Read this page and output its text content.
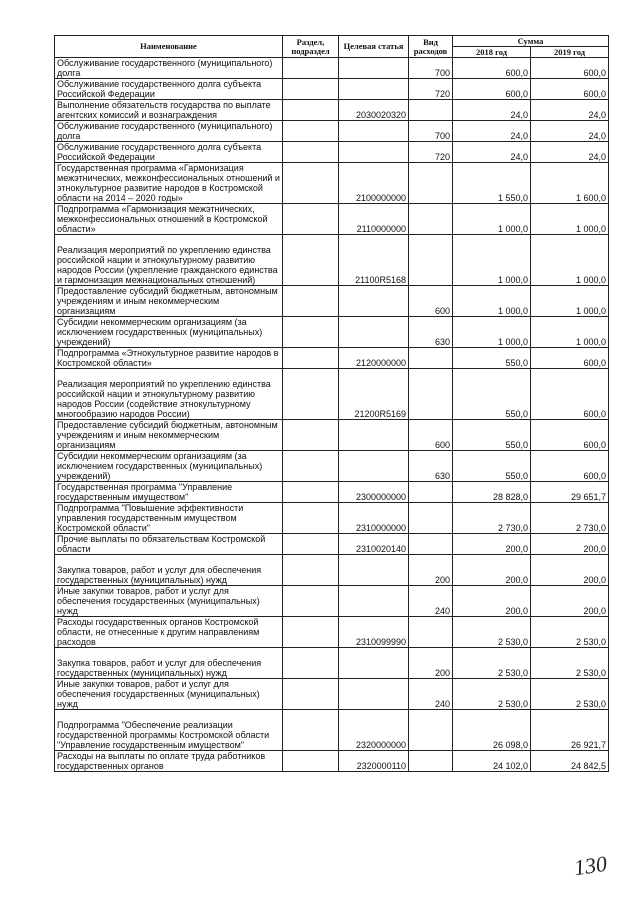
Наименование	Раздел, подраздел	Целевая статья	Вид расходов	Сумма	
				2018 год	2019 год
Обслуживание государственного (муниципального) долга			700	600,0	600,0
Обслуживание государственного долга субъекта Российской Федерации			720	600,0	600,0
Выполнение обязательств государства по выплате агентских комиссий и вознаграждения		2030020320		24,0	24,0
Обслуживание государственного (муниципального) долга			700	24,0	24,0
Обслуживание государственного долга субъекта Российской Федерации			720	24,0	24,0
Государственная программа «Гармонизация межэтнических, межконфессиональных отношений и этнокультурное развитие народов в Костромской области на 2014 – 2020 годы»		2100000000		1 550,0	1 600,0
Подпрограмма «Гармонизация межэтнических, межконфессиональных отношений в Костромской области»		2110000000		1 000,0	1 000,0
Реализация мероприятий по укреплению единства российской нации и этнокультурному развитию народов России (укрепление гражданского единства и гармонизация межнациональных отношений)		21100R5168		1 000,0	1 000,0
Предоставление субсидий бюджетным, автономным учреждениям и иным некоммерческим организациям			600	1 000,0	1 000,0
Субсидии некоммерческим организациям (за исключением государственных (муниципальных) учреждений)			630	1 000,0	1 000,0
Подпрограмма «Этнокультурное развитие народов в Костромской области»		2120000000		550,0	600,0
Реализация мероприятий по укреплению единства российской нации и этнокультурному развитию народов России (содействие этнокультурному многообразию народов России)		21200R5169		550,0	600,0
Предоставление субсидий бюджетным, автономным учреждениям и иным некоммерческим организациям			600	550,0	600,0
Субсидии некоммерческим организациям (за исключением государственных (муниципальных) учреждений)			630	550,0	600,0
Государственная программа "Управление государственным имуществом"		2300000000		28 828,0	29 651,7
Подпрограмма "Повышение эффективности управления государственным имуществом Костромской области"		2310000000		2 730,0	2 730,0
Прочие выплаты по обязательствам Костромской области		2310020140		200,0	200,0
Закупка товаров, работ и услуг для обеспечения государственных (муниципальных) нужд			200	200,0	200,0
Иные закупки товаров, работ и услуг для обеспечения государственных (муниципальных) нужд			240	200,0	200,0
Расходы государственных органов Костромской области, не отнесенные к другим направлениям расходов		2310099990		2 530,0	2 530,0
Закупка товаров, работ и услуг для обеспечения государственных (муниципальных) нужд			200	2 530,0	2 530,0
Иные закупки товаров, работ и услуг для обеспечения государственных (муниципальных) нужд			240	2 530,0	2 530,0
Подпрограмма "Обеспечение реализации государственной программы Костромской области "Управление государственным имуществом"		2320000000		26 098,0	26 921,7
Расходы на выплаты по оплате труда работников государственных органов		2320000110		24 102,0	24 842,5
130
